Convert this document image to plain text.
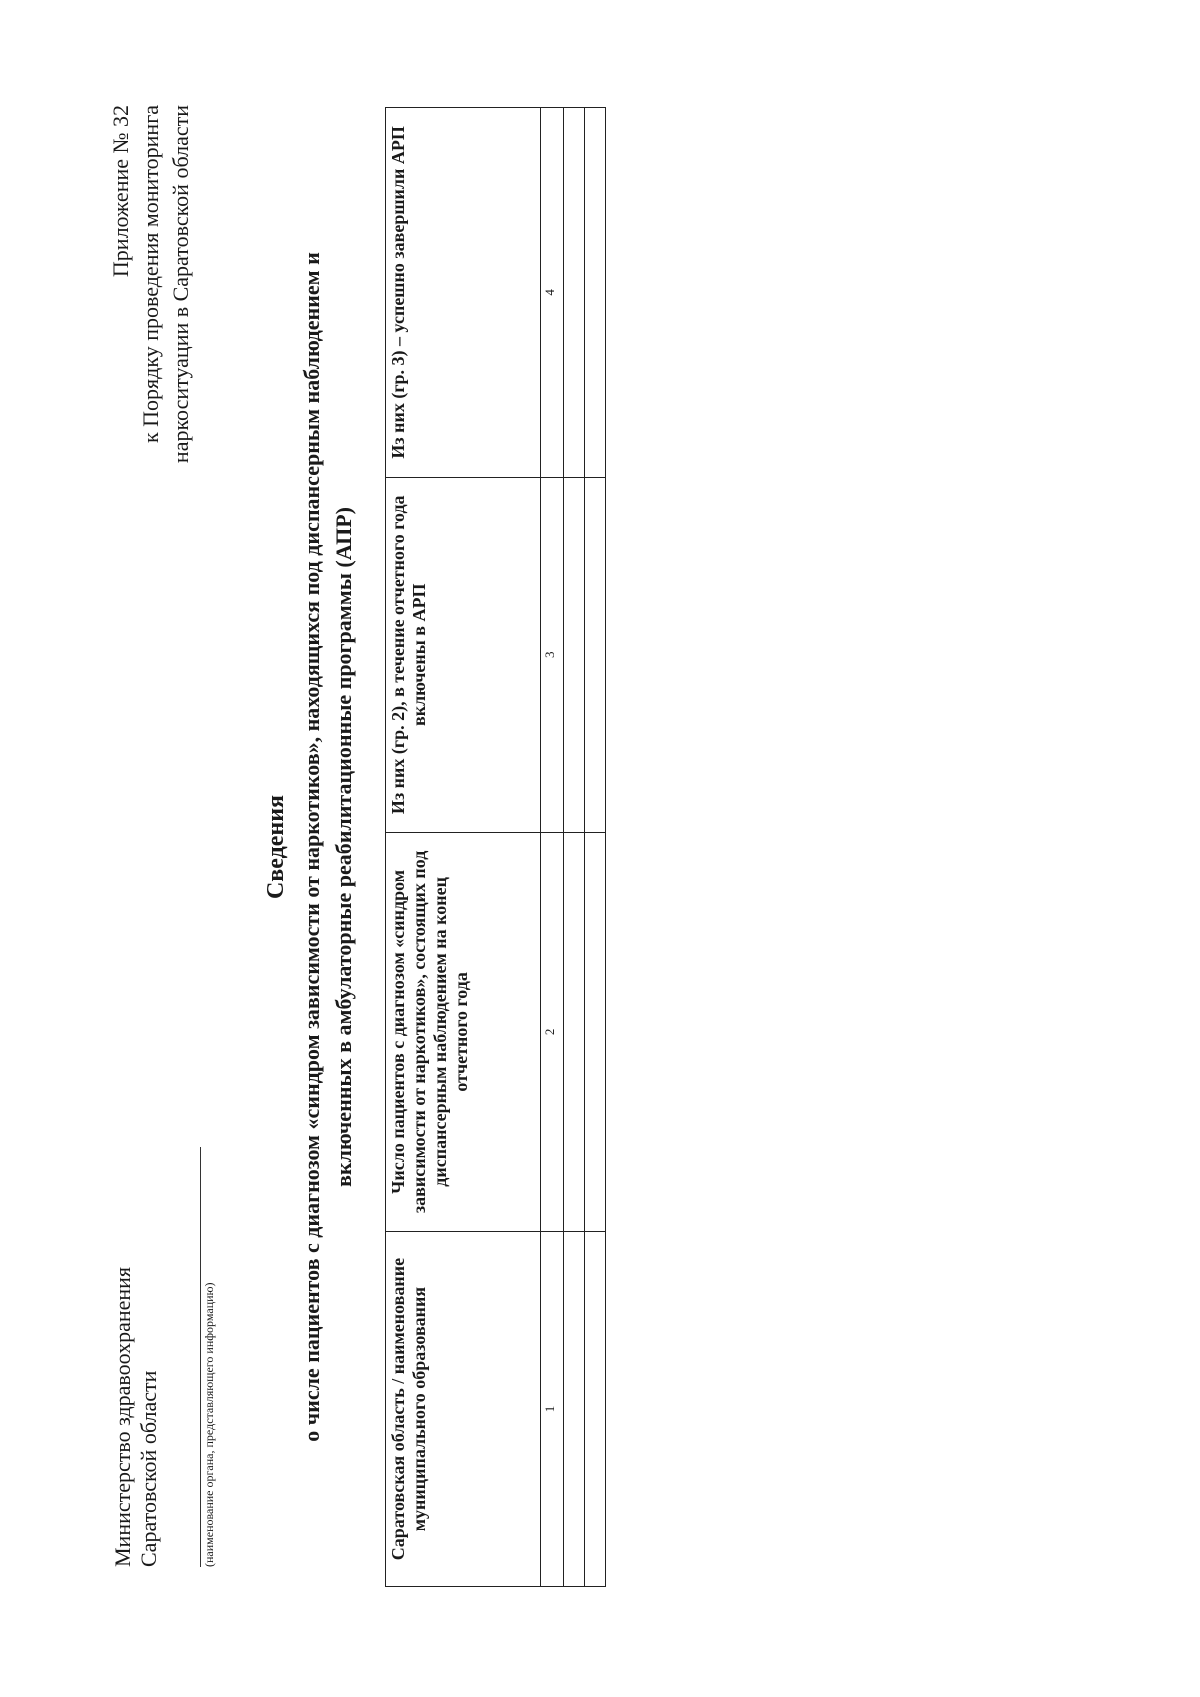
Министерство здравоохранения Саратовской области	(наименование органа, представляющего информацию)
Приложение № 32 к Порядку проведения мониторинга наркоситуации в Саратовской области
Сведения о числе пациентов с диагнозом «синдром зависимости от наркотиков», находящихся под диспансерным наблюдением и включенных в амбулаторные реабилитационные программы (АПР)
Саратовская область / наименование муниципального образования	Число пациентов с диагнозом «синдром зависимости от наркотиков», состоящих под диспансерным наблюдением на конец отчетного года	Из них (гр. 2), в течение отчетного года включены в АРП	Из них (гр. 3) – успешно завершили АРП
1	2	3	4
